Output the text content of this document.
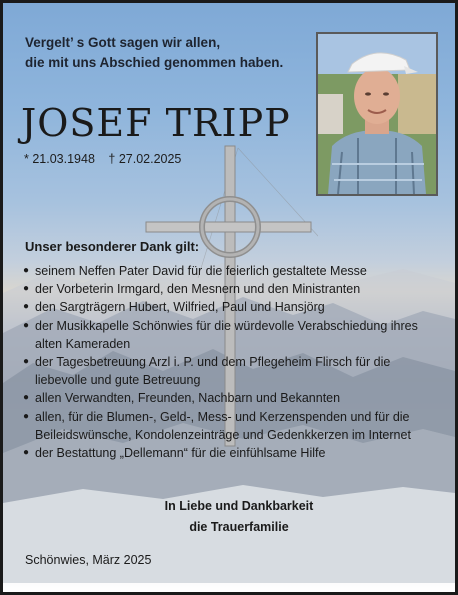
Vergelt’ s Gott sagen wir allen,
die mit uns Abschied genommen haben.
JOSEF TRIPP
* 21.03.1948 † 27.02.2025
Unser besonderer Dank gilt:
● seinem Neffen Pater David für die feierlich gestaltete Messe
● der Vorbeterin Irmgard, den Mesnern und den Ministranten
● den Sargträgern Hubert, Wilfried, Paul und Hansjörg
● der Musikkapelle Schönwies für die würdevolle Verabschiedung ihres alten Kameraden
● der Tagesbetreuung Arzl i. P. und dem Pflegeheim Flirsch für die liebevolle und gute Betreuung
● allen Verwandten, Freunden, Nachbarn und Bekannten
● allen, für die Blumen-, Geld-, Mess- und Kerzenspenden und für die Beileidswünsche, Kondolenzeinträge und Gedenkkerzen im Internet
● der Bestattung „Dellemann“ für die einfühlsame Hilfe
In Liebe und Dankbarkeit
die Trauerfamilie
Schönwies, März 2025
